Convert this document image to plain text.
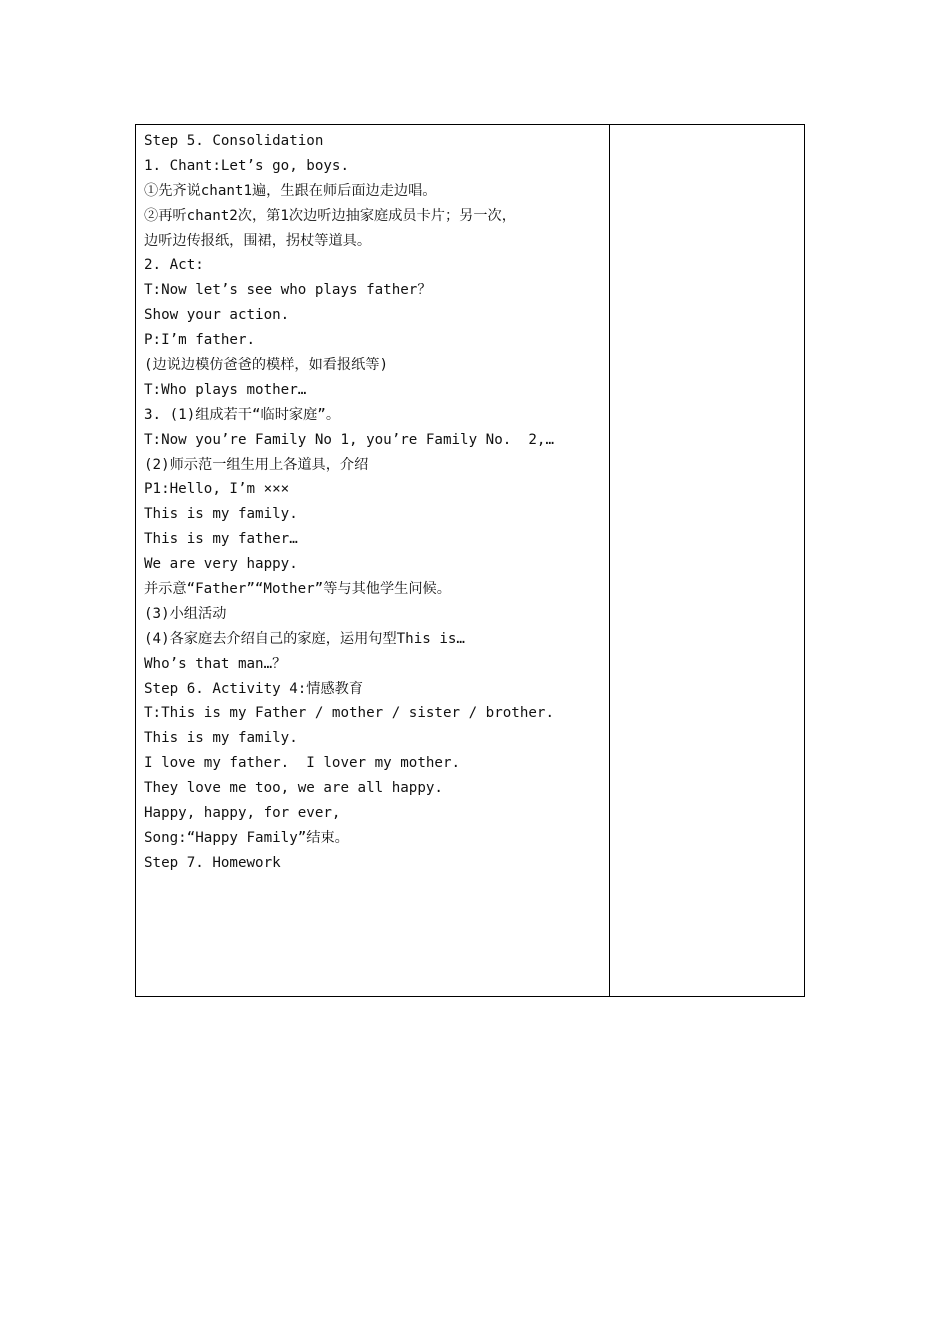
Step 5. Consolidation
1. Chant:Let’s go, boys.
①先齐说chant1遍，生跟在师后面边走边唱。
②再听chant2次，第1次边听边抽家庭成员卡片；另一次，
边听边传报纸，围裙，拐杖等道具。
2. Act:
T:Now let’s see who plays father？
Show your action.
P:I’m father.
(边说边模仿爸爸的模样，如看报纸等)
T:Who plays mother…
3. (1)组成若干“临时家庭”。
T:Now you’re Family No 1, you’re Family No.  2,…
(2)师示范一组生用上各道具，介绍
P1:Hello, I’m ×××
This is my family.
This is my father…
We are very happy.
并示意“Father”“Mother”等与其他学生问候。
(3)小组活动
(4)各家庭去介绍自己的家庭，运用句型This is…
Who’s that man…？
Step 6. Activity 4:情感教育
T:This is my Father / mother / sister / brother.
This is my family.
I love my father.  I lover my mother.
They love me too, we are all happy.
Happy, happy, for ever,
Song:“Happy Family”结束。
Step 7. Homework
